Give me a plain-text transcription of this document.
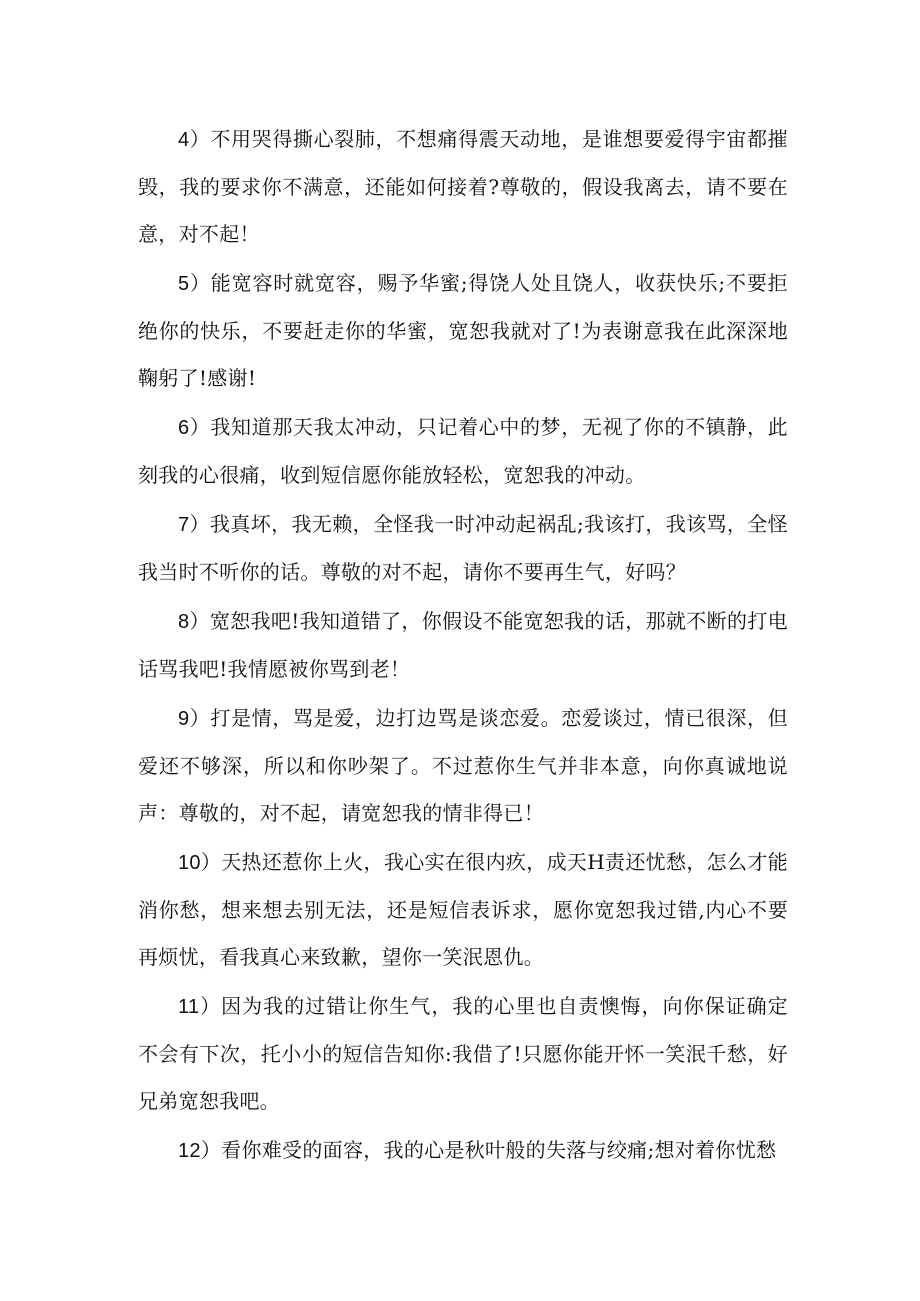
4）不用哭得撕心裂肺，不想痛得震天动地，是谁想要爱得宇宙都摧毁，我的要求你不满意，还能如何接着?尊敬的，假设我离去，请不要在意，对不起！

5）能宽容时就宽容，赐予华蜜;得饶人处且饶人，收获快乐;不要拒绝你的快乐，不要赶走你的华蜜，宽恕我就对了!为表谢意我在此深深地鞠躬了!感谢!

6）我知道那天我太冲动，只记着心中的梦，无视了你的不镇静，此刻我的心很痛，收到短信愿你能放轻松，宽恕我的冲动。

7）我真坏，我无赖，全怪我一时冲动起祸乱;我该打，我该骂，全怪我当时不听你的话。尊敬的对不起，请你不要再生气，好吗？

8）宽恕我吧!我知道错了，你假设不能宽恕我的话，那就不断的打电话骂我吧!我情愿被你骂到老！

9）打是情，骂是爱，边打边骂是谈恋爱。恋爱谈过，情已很深，但爱还不够深，所以和你吵架了。不过惹你生气并非本意，向你真诚地说声：尊敬的，对不起，请宽恕我的情非得已！

10）天热还惹你上火，我心实在很内疚，成天H责还忧愁，怎么才能消你愁，想来想去别无法，还是短信表诉求，愿你宽恕我过错,内心不要再烦忧，看我真心来致歉，望你一笑泯恩仇。

11）因为我的过错让你生气，我的心里也自责懊悔，向你保证确定不会有下次，托小小的短信告知你:我借了!只愿你能开怀一笑泯千愁，好兄弟宽恕我吧。

12）看你难受的面容，我的心是秋叶般的失落与绞痛;想对着你忧愁
